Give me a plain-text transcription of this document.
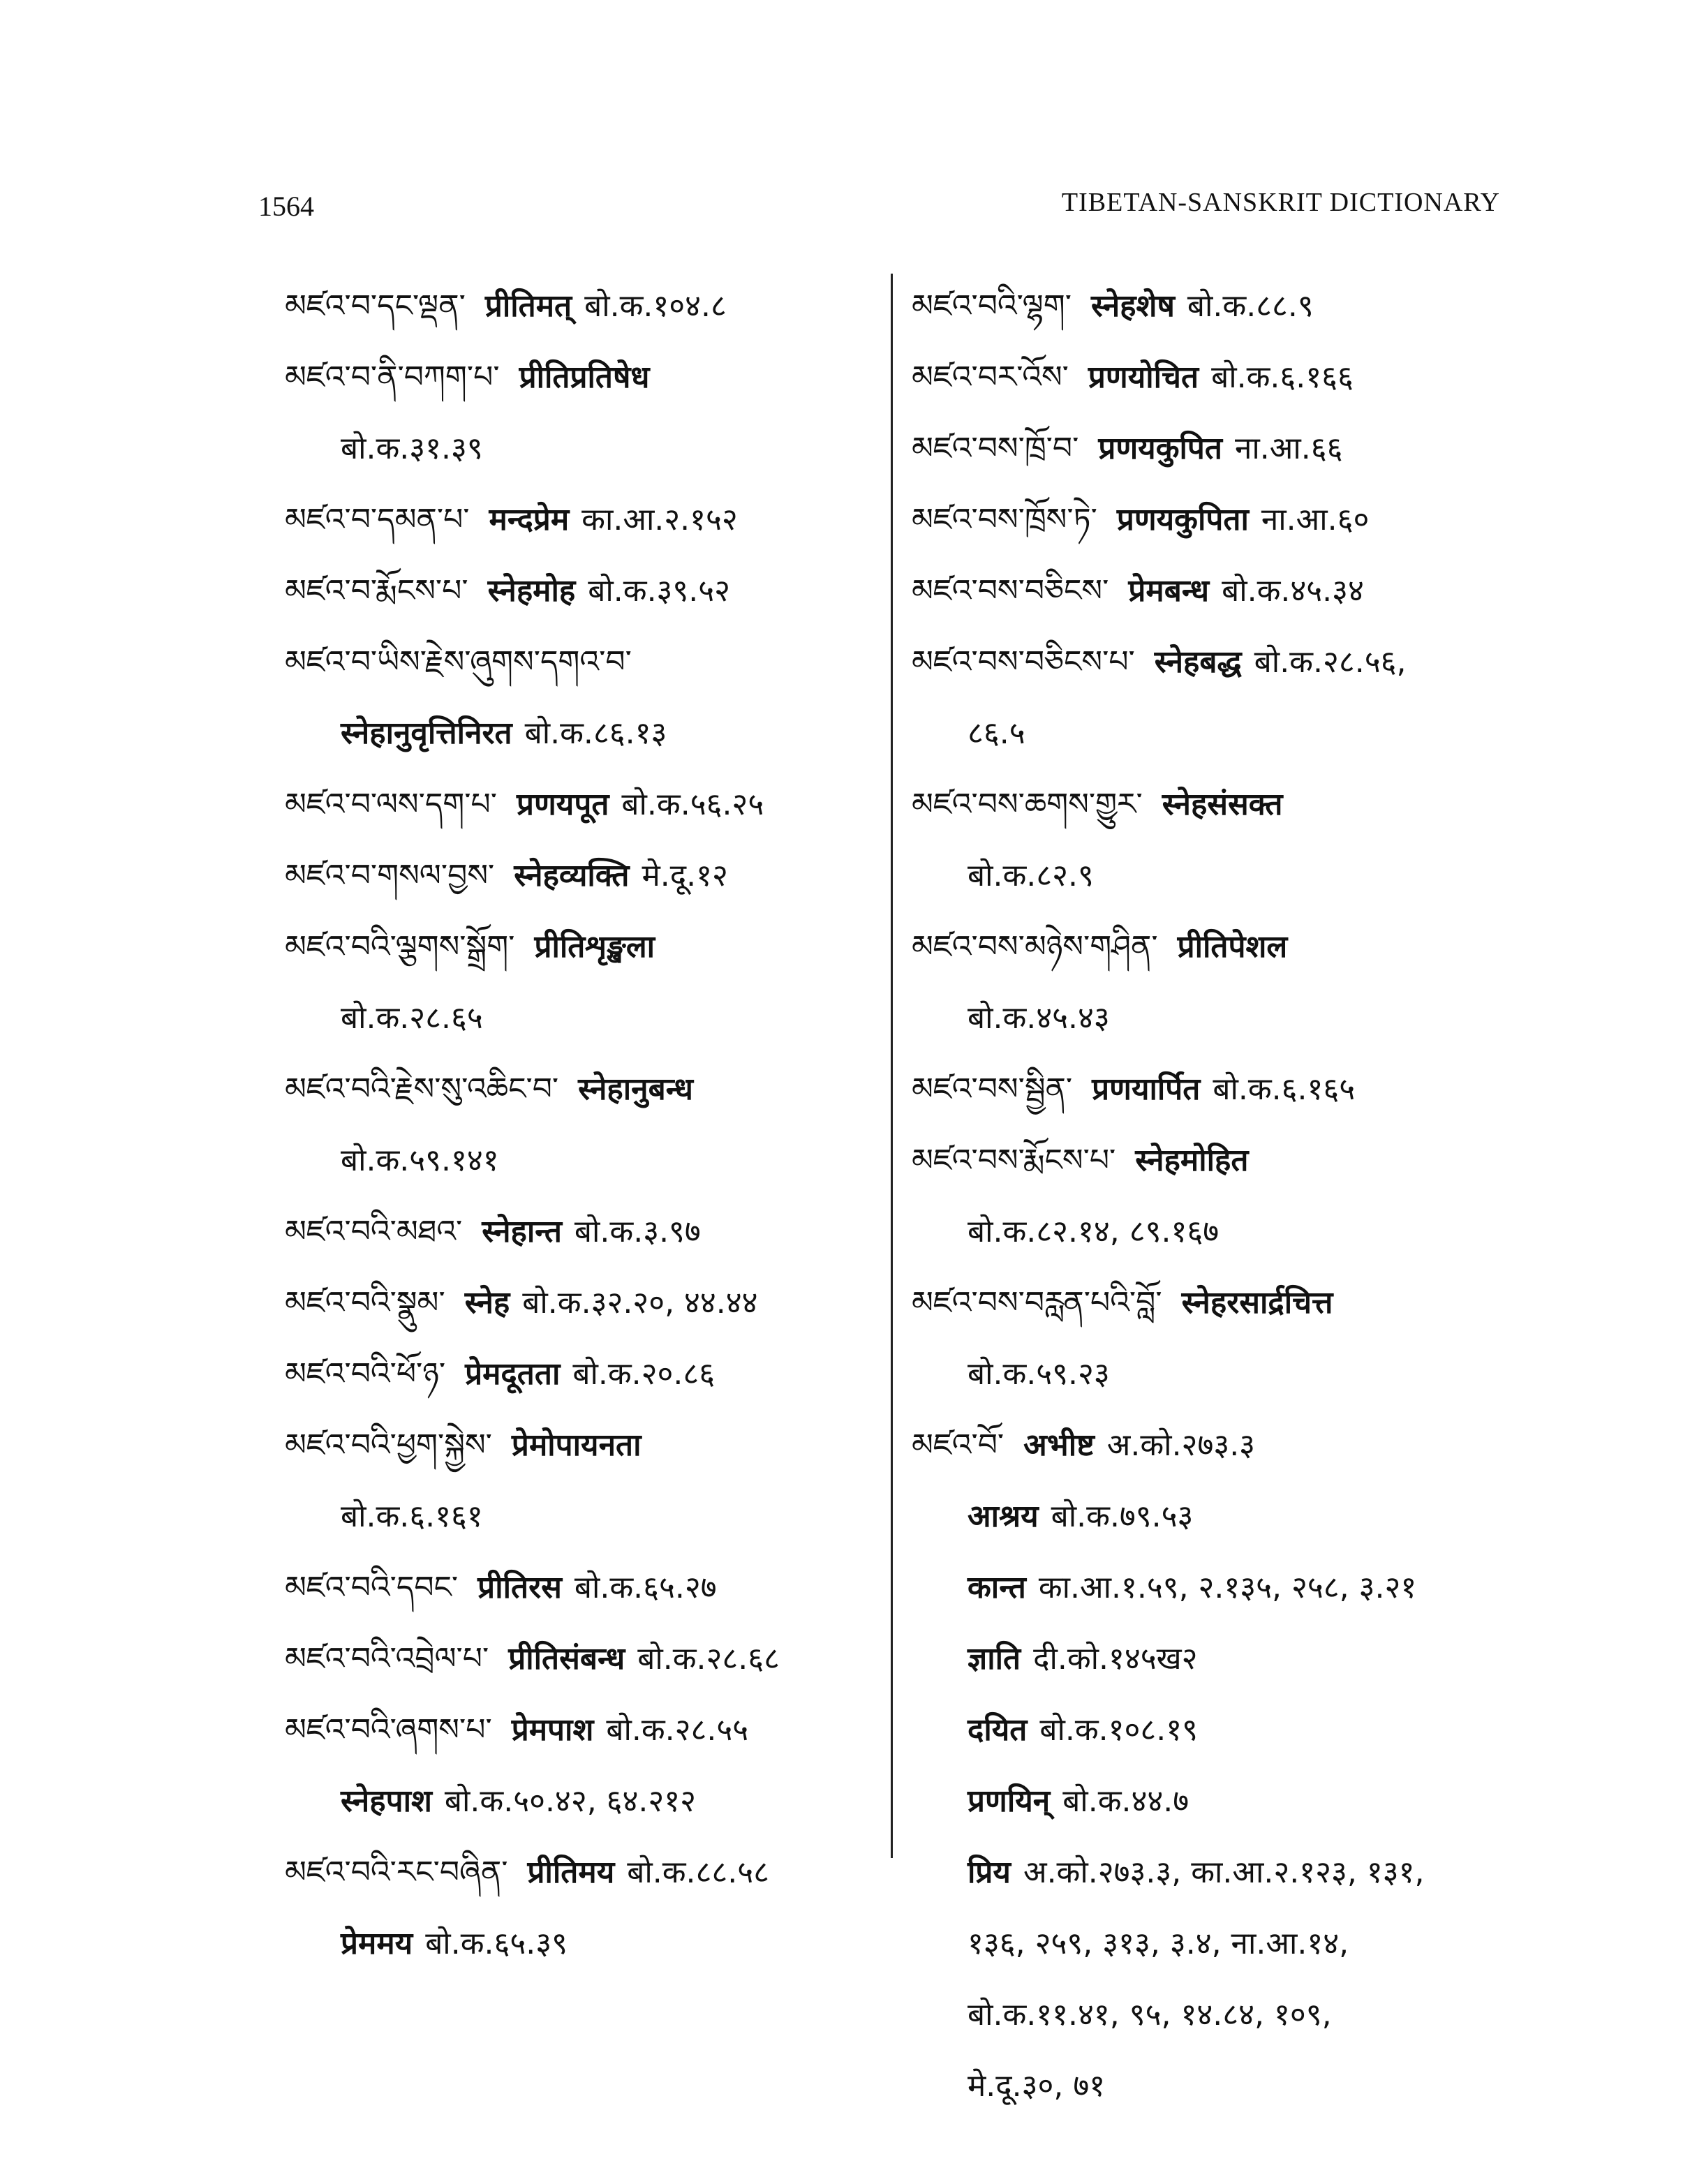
1564	TIBETAN-SANSKRIT DICTIONARY
མཛའ་བ་དང་ལྡན་ प्रीतिमत् बो.क.१०४.८
མཛའ་བ་ནི་བཀག་པ་ प्रीतिप्रतिषेध
बो.क.३१.३९
མཛའ་བ་དམན་པ་ मन्दप्रेम का.आ.२.१५२
མཛའ་བ་རྨོངས་པ་ स्नेहमोह बो.क.३९.५२
མཛའ་བ་ཡིས་རྗེས་ཞུགས་དགའ་བ་
स्नेहानुवृत्तिनिरत बो.क.८६.१३
མཛའ་བ་ལས་དག་པ་ प्रणयपूत बो.क.५६.२५
མཛའ་བ་གསལ་བྱས་ स्नेहव्यक्ति मे.दू.१२
མཛའ་བའི་ལྕགས་སྒྲོག་ प्रीतिशृङ्खला
बो.क.२८.६५
མཛའ་བའི་རྗེས་སུ་འཆིང་བ་ स्नेहानुबन्ध
बो.क.५९.१४१
མཛའ་བའི་མཐའ་ स्नेहान्त बो.क.३.९७
མཛའ་བའི་སྣུམ་ स्नेह बो.क.३२.२०, ४४.४४
མཛའ་བའི་ཕོ་ཉ་ प्रेमदूतता बो.क.२०.८६
མཛའ་བའི་ཕྱག་སྐྱེས་ प्रेमोपायनता
बो.क.६.१६१
མཛའ་བའི་དབང་ प्रीतिरस बो.क.६५.२७
མཛའ་བའི་འབྲེལ་པ་ प्रीतिसंबन्ध बो.क.२८.६८
མཛའ་བའི་ཞགས་པ་ प्रेमपाश बो.क.२८.५५
स्नेहपाश बो.क.५०.४२, ६४.२१२
མཛའ་བའི་རང་བཞིན་ प्रीतिमय बो.क.८८.५८
प्रेममय बो.क.६५.३९
མཛའ་བའི་ལྷག་ स्नेहशेष बो.क.८८.९
མཛའ་བར་འོས་ प्रणयोचित बो.क.६.१६६
མཛའ་བས་ཁྲོ་བ་ प्रणयकुपित ना.आ.६६
མཛའ་བས་ཁྲོས་ཏེ་ प्रणयकुपिता ना.आ.६०
མཛའ་བས་བཅིངས་ प्रेमबन्ध बो.क.४५.३४
མཛའ་བས་བཅིངས་པ་ स्नेहबद्ध बो.क.२८.५६,
८६.५
མཛའ་བས་ཆགས་གྱུར་ स्नेहसंसक्त
बो.क.८२.९
མཛའ་བས་མཉེས་གཤིན་ प्रीतिपेशल
बो.क.४५.४३
མཛའ་བས་སྦྱིན་ प्रणयार्पित बो.क.६.१६५
མཛའ་བས་རྨོངས་པ་ स्नेहमोहित
बो.क.८२.१४, ८९.१६७
མཛའ་བས་བརླན་པའི་བློ་ स्नेहरसार्द्रचित्त
बो.क.५९.२३
མཛའ་བོ་ अभीष्ट अ.को.२७३.३
आश्रय बो.क.७९.५३
कान्त का.आ.१.५९, २.१३५, २५८, ३.२१
ज्ञाति दी.को.१४५ख२
दयित बो.क.१०८.१९
प्रणयिन् बो.क.४४.७
प्रिय अ.को.२७३.३, का.आ.२.१२३, १३१,
१३६, २५९, ३१३, ३.४, ना.आ.१४,
बो.क.११.४१, ९५, १४.८४, १०९,
मे.दू.३०, ७१
